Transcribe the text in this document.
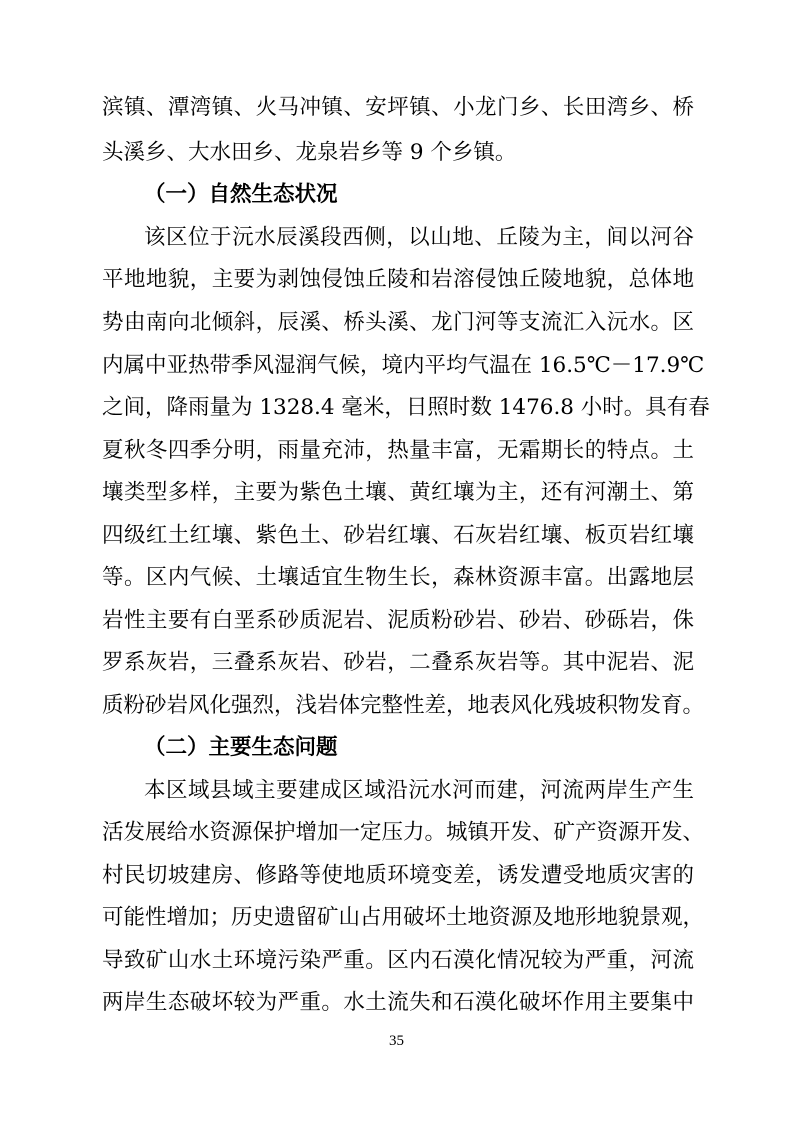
滨镇、潭湾镇、火马冲镇、安坪镇、小龙门乡、长田湾乡、桥
头溪乡、大水田乡、龙泉岩乡等 9 个乡镇。
（一）自然生态状况
该区位于沅水辰溪段西侧，以山地、丘陵为主，间以河谷
平地地貌，主要为剥蚀侵蚀丘陵和岩溶侵蚀丘陵地貌，总体地
势由南向北倾斜，辰溪、桥头溪、龙门河等支流汇入沅水。区
内属中亚热带季风湿润气候，境内平均气温在 16.5℃－17.9℃
之间，降雨量为 1328.4 毫米，日照时数 1476.8 小时。具有春
夏秋冬四季分明，雨量充沛，热量丰富，无霜期长的特点。土
壤类型多样，主要为紫色土壤、黄红壤为主，还有河潮土、第
四级红土红壤、紫色土、砂岩红壤、石灰岩红壤、板页岩红壤
等。区内气候、土壤适宜生物生长，森林资源丰富。出露地层
岩性主要有白垩系砂质泥岩、泥质粉砂岩、砂岩、砂砾岩，侏
罗系灰岩，三叠系灰岩、砂岩，二叠系灰岩等。其中泥岩、泥
质粉砂岩风化强烈，浅岩体完整性差，地表风化残坡积物发育。
（二）主要生态问题
本区域县域主要建成区域沿沅水河而建，河流两岸生产生
活发展给水资源保护增加一定压力。城镇开发、矿产资源开发、
村民切坡建房、修路等使地质环境变差，诱发遭受地质灾害的
可能性增加；历史遗留矿山占用破坏土地资源及地形地貌景观，
导致矿山水土环境污染严重。区内石漠化情况较为严重，河流
两岸生态破坏较为严重。水土流失和石漠化破坏作用主要集中
35
